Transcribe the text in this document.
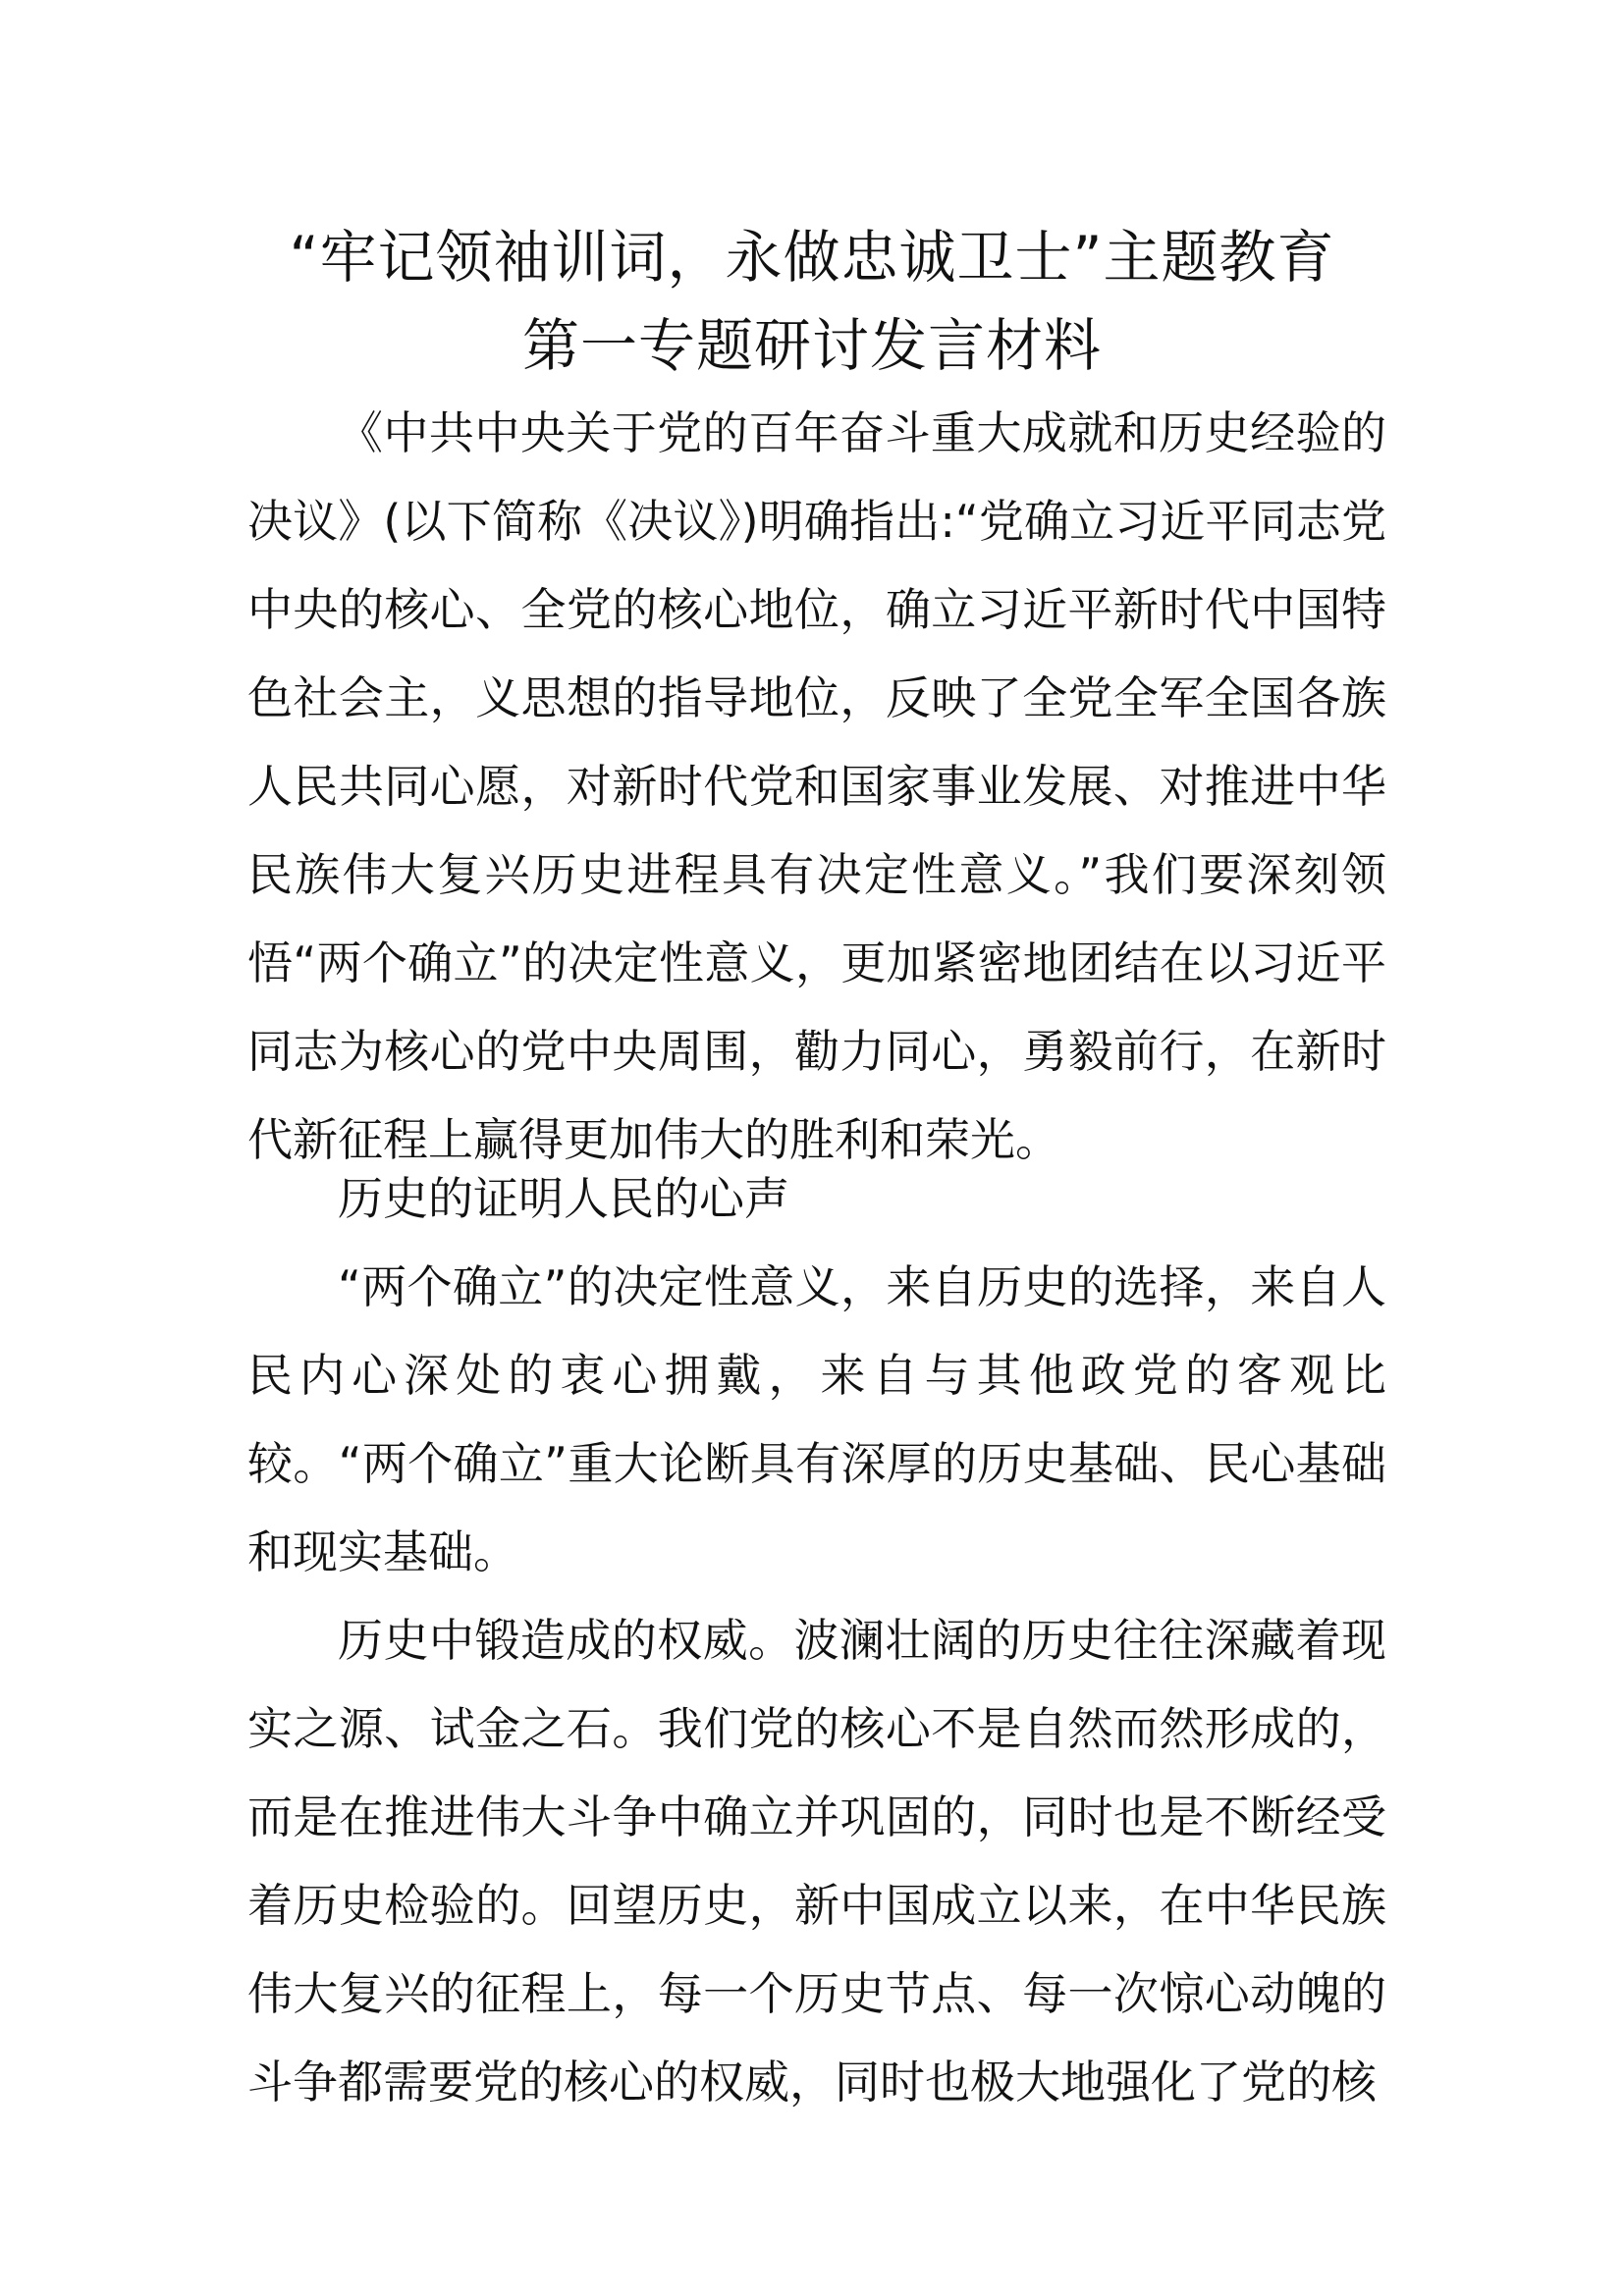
“牢记领袖训词，永做忠诚卫士”主题教育
第一专题研讨发言材料

《中共中央关于党的百年奋斗重大成就和历史经验的决议》(以下简称《决议》)明确指出:“党确立习近平同志党中央的核心、全党的核心地位，确立习近平新时代中国特色社会主，义思想的指导地位，反映了全党全军全国各族人民共同心愿，对新时代党和国家事业发展、对推进中华民族伟大复兴历史进程具有决定性意义。”我们要深刻领悟“两个确立”的决定性意义，更加紧密地团结在以习近平同志为核心的党中央周围，勸力同心，勇毅前行，在新时代新征程上赢得更加伟大的胜利和荣光。

历史的证明人民的心声

“两个确立”的决定性意义，来自历史的选择，来自人民内心深处的衷心拥戴，来自与其他政党的客观比较。“两个确立”重大论断具有深厚的历史基础、民心基础和现实基础。

历史中锻造成的权威。波澜壮阔的历史往往深藏着现实之源、试金之石。我们党的核心不是自然而然形成的，而是在推进伟大斗争中确立并巩固的，同时也是不断经受着历史检验的。回望历史，新中国成立以来，在中华民族伟大复兴的征程上，每一个历史节点、每一次惊心动魄的斗争都需要党的核心的权威，同时也极大地强化了党的核
